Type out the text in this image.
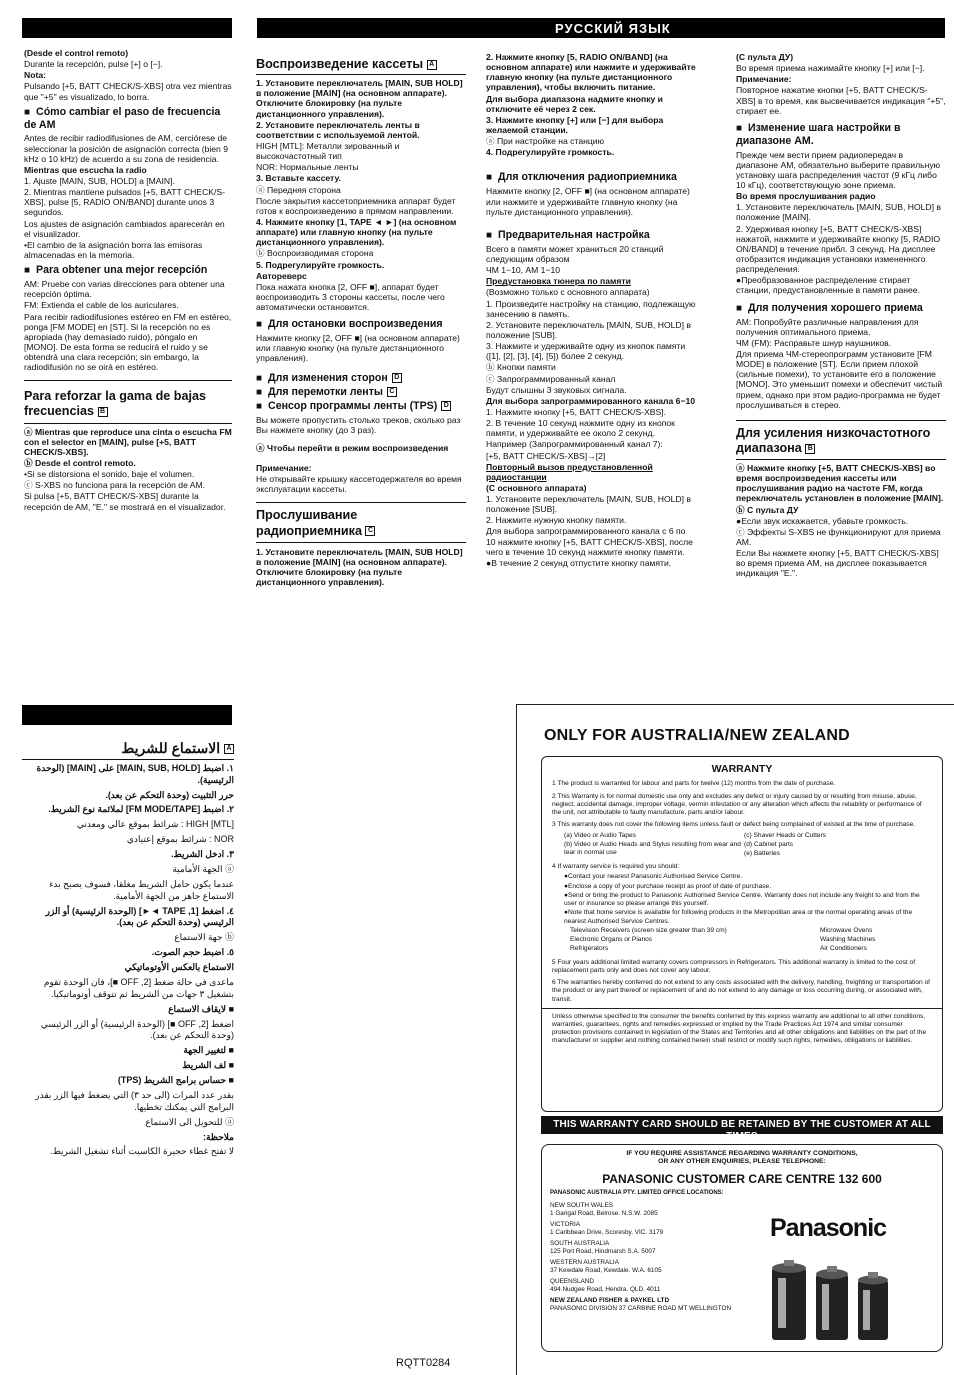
РУССКИЙ ЯЗЫК
(Desde el control remoto)
Durante la recepción, pulse [+] o [−].
Nota:
Pulsando [+5, BATT CHECK/S-XBS] otra vez mientras que "+5" es visualizado, lo borra.
■ Cómo cambiar el paso de frecuencia de AM
Antes de recibir radiodifusiones de AM, cerciórese de seleccionar la posición de asignación correcta (bien 9 kHz o 10 kHz) de acuerdo a su zona de residencia.
Mientras que escucha la radio
1. Ajuste [MAIN, SUB, HOLD] a [MAIN].
2. Mientras mantiene pulsados [+5, BATT CHECK/S-XBS], pulse [5, RADIO ON/BAND] durante unos 3 segundos.
Los ajustes de asignación cambiados aparecerán en el visualizador.
•El cambio de la asignación borra las emisoras almacenadas en la memoria.
■ Para obtener una mejor recepción
AM: Pruebe con varias direcciones para obtener una recepción óptima.
FM: Extienda el cable de los auriculares.
Para recibir radiodifusiones estéreo en FM en estéreo, ponga [FM MODE] en [ST]. Si la recepción no es apropiada (hay demasiado ruido), póngalo en [MONO]. De esta forma se reducirá el ruido y se obtendrá una clara recepción; sin embargo, la radiodifusión no se oirá en estéreo.
Para reforzar la gama de bajas frecuencias B
ⓐ Mientras que reproduce una cinta o escucha FM con el selector en [MAIN], pulse [+5, BATT CHECK/S-XBS].
ⓑ Desde el control remoto.
•Si se distorsiona el sonido, baje el volumen.
ⓒ S-XBS no funciona para la recepción de AM.
Si pulsa [+5, BATT CHECK/S-XBS] durante la recepción de AM, "E." se mostrará en el visualizador.
Воспроизведение кассеты A
1. Установите переключатель [MAIN, SUB HOLD] в положение [MAIN] (на основном аппарате). Отключите блокировку (на пульте дистанционного управления).
2. Установите переключатель ленты в соответствии с используемой лентой.
HIGH [MTL]: Металли зированный и высокочастотный тип
NOR: Нормальные ленты
3. Вставьте кассету.
ⓐ Передняя сторона
После закрытия кассетоприемника аппарат будет готов к воспроизведению в прямом направлении.
4. Нажмите кнопку [1, TAPE ◄ ►] (на основном аппарате) или главную кнопку (на пульте дистанционного управления).
ⓑ Воспроизводимая сторона
5. Подрегулируйте громкость.
Автореверс
Пока нажата кнопка [2, OFF ■], аппарат будет воспроизводить 3 стороны кассеты, после чего автоматически остановится.
■ Для остановки воспроизведения
Нажмите кнопку [2, OFF ■] (на основном аппарате) или главную кнопку (на пульте дистанционного управления).
■ Для изменения сторон D
■ Для перемотки ленты C
■ Сенсор программы ленты (TPS) D
Вы можете пропустить столько треков, сколько раз Вы нажмете кнопку (до 3 раз).
ⓐ Чтобы перейти в режим воспроизведения
Примечание:
Не открывайте крышку кассетодержателя во время эксплуатации кассеты.
Прослушивание радиоприемника C
1. Установите переключатель [MAIN, SUB HOLD] в положение [MAIN] (на основном аппарате). Отключите блокировку (на пульте дистанционного управления).
2. Нажмите кнопку [5, RADIO ON/BAND] (на основном аппарате) или нажмите и удерживайте главную кнопку (на пульте дистанционного управления), чтобы включить питание.
Для выбора диапазона надмите кнопку и отключите её через 2 сек.
3. Нажмите кнопку [+] или [−] для выбора желаемой станции.
ⓐ При настройке на станцию
4. Подрегулируйте громкость.
■ Для отключения радиоприемника
Нажмите кнопку [2, OFF ■] (на основном аппарате) или нажмите и удерживайте главную кнопку (на пульте дистанционного управления).
■ Предварительная настройка
Всего в памяти может храниться 20 станций следующим образом
ЧМ 1−10, АМ 1−10
Предустановка тюнера по памяти
(Возможно только с основного аппарата)
1. Произведите настройку на станцию, подлежащую занесению в память.
2. Установите переключатель [MAIN, SUB, HOLD] в положение [SUB].
3. Нажмите и удерживайте одну из кнопок памяти ([1], [2], [3], [4], [5]) более 2 секунд.
ⓑ Кнопки памяти
ⓒ Запрограммированный канал
Будут слышны 3 звуковых сигнала.
Для выбора запрограммированного канала 6−10
1. Нажмите кнопку [+5, BATT CHECK/S-XBS].
2. В течение 10 секунд нажмите одну из кнопок памяти, и удерживайте ее около 2 секунд.
Например (Запрограммированный канал 7):
[+5, BATT CHECK/S-XBS]→[2]
Повторный вызов предустановленной радиостанции
(С основного аппарата)
1. Установите переключатель [MAIN, SUB, HOLD] в положение [SUB].
2. Нажмите нужную кнопку памяти.
Для выбора запрограммированного канала с 6 по 10 нажмите кнопку [+5, BATT CHECK/S-XBS], после чего в течение 10 секунд нажмите кнопку памяти.
●В течение 2 секунд отпустите кнопку памяти.
(С пульта ДУ)
Во время приема нажимайте кнопку [+] или [−].
Примечание:
Повторное нажатие кнопки [+5, BATT CHECK/S-XBS] в то время, как высвечивается индикация "+5", стирает ее.
■ Изменение шага настройки в диапазоне АМ.
Прежде чем вести прием радиопередач в диапазоне АМ, обязательно выберите правильную установку шага распределения частот (9 кГц либо 10 кГц), соответствующую зоне приема.
Во время прослушивания радио
1. Установите переключатель [MAIN, SUB, HOLD] в положение [MAIN].
2. Удерживая кнопку [+5, BATT CHECK/S-XBS] нажатой, нажмите и удерживайте кнопку [5, RADIO ON/BAND] в течение прибл. 3 секунд. На дисплее отобразится индикация установки измененного распределения.
●Преобразованное распределение стирает станции, предустановленные в памяти ранее.
■ Для получения хорошего приема
АМ: Попробуйте различные направления для получения оптимального приема.
ЧМ (FM): Расправьте шнур наушников.
Для приема ЧМ-стереопрограмм установите [FM MODE] в положение [ST]. Если прием плохой (сильные помехи), то установите его в положение [MONO]. Это уменьшит помехи и обеспечит чистый прием, однако при этом радио-программа не будет прослушиваться в стерео.
Для усиления низкочастотного диапазона B
ⓐ Нажмите кнопку [+5, BATT CHECK/S-XBS] во время воспроизведения кассеты или прослушивания радио на частоте FM, когда переключатель установлен в положение [MAIN].
ⓑ С пульта ДУ
●Если звук искажается, убавьте громкость.
ⓒ Эффекты S-XBS не функционируют для приема АМ.
Если Вы нажмете кнопку [+5, BATT CHECK/S-XBS] во время приема АМ, на дисплее показывается индикация "E.".
A الاستماع للشريط
١. اضبط [MAIN, SUB, HOLD] على [MAIN] (الوحدة الرئيسية).
حرر التثبيت (وحدة التحكم عن بعد).
٢. اضبط [FM MODE/TAPE] لملائمة نوع الشريط.
HIGH [MTL] : شرائط بموقع عالي ومعدني
NOR : شرائط بموقع إعتيادي
٣. ادخل الشريط.
ⓐ الجهة الأمامية
عندما يكون حامل الشريط مغلقا، فسوف يصبح بدء الاستماع جاهز من الجهة الأمامية.
٤. اضغط [1, TAPE ◄►] (الوحدة الرئيسية) أو الزر الرئيسي (وحدة التحكم عن بعد).
ⓑ جهة الاستماع
٥. اضبط حجم الصوت.
الاستماع بالعكس الأوتوماتيكي
ماعدى في حالة ضغط [2, OFF ■]، فان الوحدة تقوم بتشغيل ٣ جهات من الشريط ثم تتوقف أوتوماتيكيا.
■ لايقاف الاستماع
اضغط [2, OFF ■] (الوحدة الرئيسية) أو الزر الرئيسي (وحدة التحكم عن بعد).
■ لتغيير الجهة
■ لف الشريط
■ حساس برامج الشريط (TPS)
بقدر عدد المرات (الى حد ٣) التي يضغط فيها الزر بقدر البرامج التي يمكنك تخطيها.
ⓐ للتحويل الى الاستماع
ملاحظة:
لا تفتح غطاء حجيرة الكاسيت أثناء تشغيل الشريط.
ONLY FOR AUSTRALIA/NEW ZEALAND
WARRANTY
1 The product is warranted for labour and parts for twelve (12) months from the date of purchase.
2 This Warranty is for normal domestic use only and excludes any defect or injury caused by or resulting from misuse, abuse, neglect, accidental damage, improper voltage, vermin infestation or any alteration which affects the reliability or performance of the unit, not attributable to faulty manufacture, parts and/or labour.
3 This warranty does not cover the following items unless fault or defect being complained of existed at the time of purchase.
(a) Video or Audio Tapes
(b) Video or Audio Heads and Stylus resulting from wear and tear in normal use
(c) Shaver Heads or Cutters
(d) Cabinet parts
(e) Batteries
4 If warranty service is required you should:
●Contact your nearest Panasonic Authorised Service Centre.
●Enclose a copy of your purchase receipt as proof of date of purchase.
●Send or bring the product to Panasonic Authorised Service Centre. Warranty does not include any freight to and from the user or insurance so please arrange this yourself.
●Note that home service is available for following products in the Metropolitan area or the normal operating areas of the nearest Authorised Service Centres.
Television Receivers (screen size greater than 39 cm)
Electronic Organs or Pianos
Refrigerators
Microwave Ovens
Washing Machines
Air Conditioners
5 Four years additional limited warranty covers compressors in Refrigerators. This additional warranty is limited to the cost of replacement parts only and does not cover any labour.
6 The warranties hereby conferred do not extend to any costs associated with the delivery, handling, freighting or transportation of the product or any part thereof or replacement of and do not extend to any damage or loss occurring during, or associated with, transit.
Unless otherwise specified to the consumer the benefits conferred by this express warranty are additional to all other conditions, warranties, guarantees, rights and remedies expressed or implied by the Trade Practices Act 1974 and similar consumer protection provisions contained in legislation of the States and Territories and all other obligations and liabilities on the part of the manufacturer or supplier and nothing contained herein shall restrict or modify such rights, remedies, obligations or liabilities.
THIS WARRANTY CARD SHOULD BE RETAINED BY THE CUSTOMER AT ALL TIMES
IF YOU REQUIRE ASSISTANCE REGARDING WARRANTY CONDITIONS,
OR ANY OTHER ENQUIRIES, PLEASE TELEPHONE:
PANASONIC CUSTOMER CARE CENTRE 132 600
PANASONIC AUSTRALIA PTY. LIMITED OFFICE LOCATIONS:
NEW SOUTH WALES
1 Garigal Road, Belrose. N.S.W. 2085
VICTORIA
1 Caribbean Drive, Scoresby. VIC. 3179
SOUTH AUSTRALIA
125 Port Road, Hindmarsh S.A. 5007
WESTERN AUSTRALIA
37 Kewdale Road, Kewdale. W.A. 6105
QUEENSLAND
494 Nudgee Road, Hendra. QLD. 4011
NEW ZEALAND FISHER & PAYKEL LTD
PANASONIC DIVISION 37 CARBINE ROAD MT WELLINGTON
Panasonic
RQTT0284
